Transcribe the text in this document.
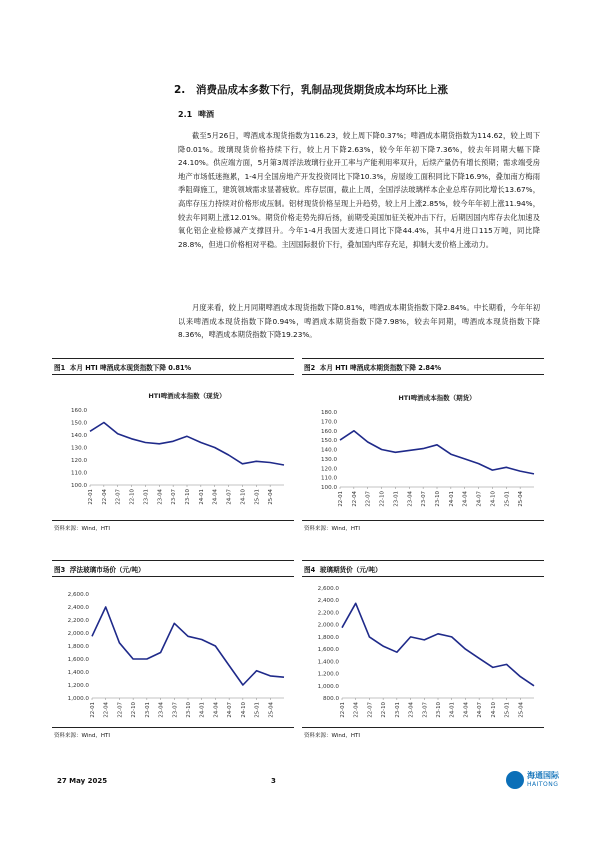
2. 消费品成本多数下行，乳制品现货期货成本均环比上涨
2.1 啤酒

截至5月26日，啤酒成本现货指数为116.23，较上周下降0.37%；啤酒成本期货指数为114.62，较上周下降0.01%。玻璃现货价格持续下行，较上月下降2.63%，较今年年初下降7.36%，较去年同期大幅下降24.10%。供应端方面，5月第3周浮法玻璃行业开工率与产能利用率双升，后续产量仍有增长预期；需求端受房地产市场低迷拖累，1-4月全国房地产开发投资同比下降10.3%，房屋竣工面积同比下降16.9%，叠加南方梅雨季阻碍施工，建筑领域需求显著疲软。库存层面，截止上周，全国浮法玻璃样本企业总库存同比增长13.67%，高库存压力持续对价格形成压制。铝材现货价格呈现上升趋势，较上月上涨2.85%，较今年年初上涨11.94%，较去年同期上涨12.01%。期货价格走势先抑后扬，前期受美国加征关税冲击下行，后期因国内库存去化加速及氧化铝企业检修减产支撑回升。今年1-4月我国大麦进口同比下降44.4%，其中4月进口115万吨，同比降28.8%，但进口价格相对平稳。主因国际报价下行，叠加国内库存充足，抑制大麦价格上涨动力。

月度来看，较上月同期啤酒成本现货指数下降0.81%，啤酒成本期货指数下降2.84%。中长期看，今年年初以来啤酒成本现货指数下降0.94%，啤酒成本期货指数下降7.98%，较去年同期，啤酒成本现货指数下降8.36%，啤酒成本期货指数下降19.23%。

图1 本月 HTI 啤酒成本现货指数下降 0.81%
HTI啤酒成本指数（现货）
100.0
110.0
120.0
130.0
140.0
150.0
160.0
22-01 22-04 22-07 22-10 23-01 23-04 23-07 23-10 24-01 24-04 24-07 24-10 25-01 25-04
资料来源：Wind，HTI
图2 本月 HTI 啤酒成本期货指数下降 2.84%
HTI啤酒成本指数（期货）
100.0
110.0
120.0
130.0
140.0
150.0
160.0
170.0
180.0
22-01 22-04 22-07 22-10 23-01 23-04 23-07 23-10 24-01 24-04 24-07 24-10 25-01 25-04
资料来源：Wind，HTI
图3 浮法玻璃市场价（元/吨）
1,000.0
1,200.0
1,400.0
1,600.0
1,800.0
2,000.0
2,200.0
2,400.0
2,600.0
22-01 22-04 22-07 22-10 23-01 23-04 23-07 23-10 24-01 24-04 24-07 24-10 25-01 25-04
资料来源：Wind，HTI
图4 玻璃期货价（元/吨）
800.0
1,000.0
1,200.0
1,400.0
1,600.0
1,800.0
2,000.0
2,200.0
2,400.0
2,600.0
22-01 22-04 22-07 22-10 23-01 23-04 23-07 23-10 24-01 24-04 24-07 24-10 25-01 25-04
资料来源：Wind，HTI
27 May 2025	3
海通国际
HAITONG
